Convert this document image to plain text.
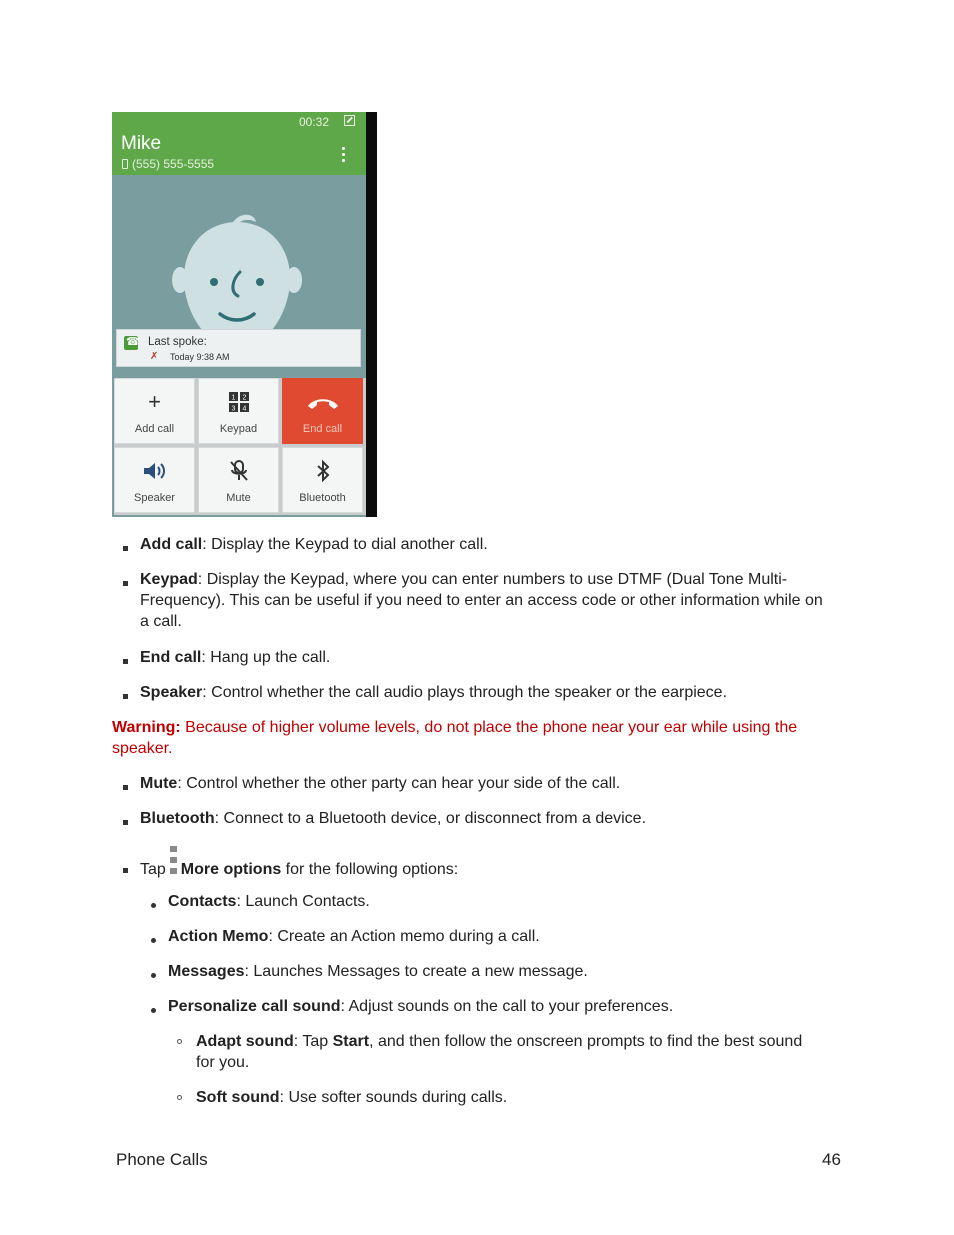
00:32
Mike
(555) 555-5555
☎
Last spoke:
✗ Today 9:38 AM
+
Add call
1 2
3 4
Keypad	End call
Speaker	Mute	Bluetooth
Add call: Display the Keypad to dial another call.
Keypad: Display the Keypad, where you can enter numbers to use DTMF (Dual Tone Multi-
Frequency). This can be useful if you need to enter an access code or other information while on
a call.
End call: Hang up the call.
Speaker: Control whether the call audio plays through the speaker or the earpiece.
Warning: Because of higher volume levels, do not place the phone near your ear while using the
speaker.
Mute: Control whether the other party can hear your side of the call.
Bluetooth: Connect to a Bluetooth device, or disconnect from a device.
Tap More options for the following options:
Contacts: Launch Contacts.
Action Memo: Create an Action memo during a call.
Messages: Launches Messages to create a new message.
Personalize call sound: Adjust sounds on the call to your preferences.
Adapt sound: Tap Start, and then follow the onscreen prompts to find the best sound
for you.
Soft sound: Use softer sounds during calls.
Phone Calls	46
